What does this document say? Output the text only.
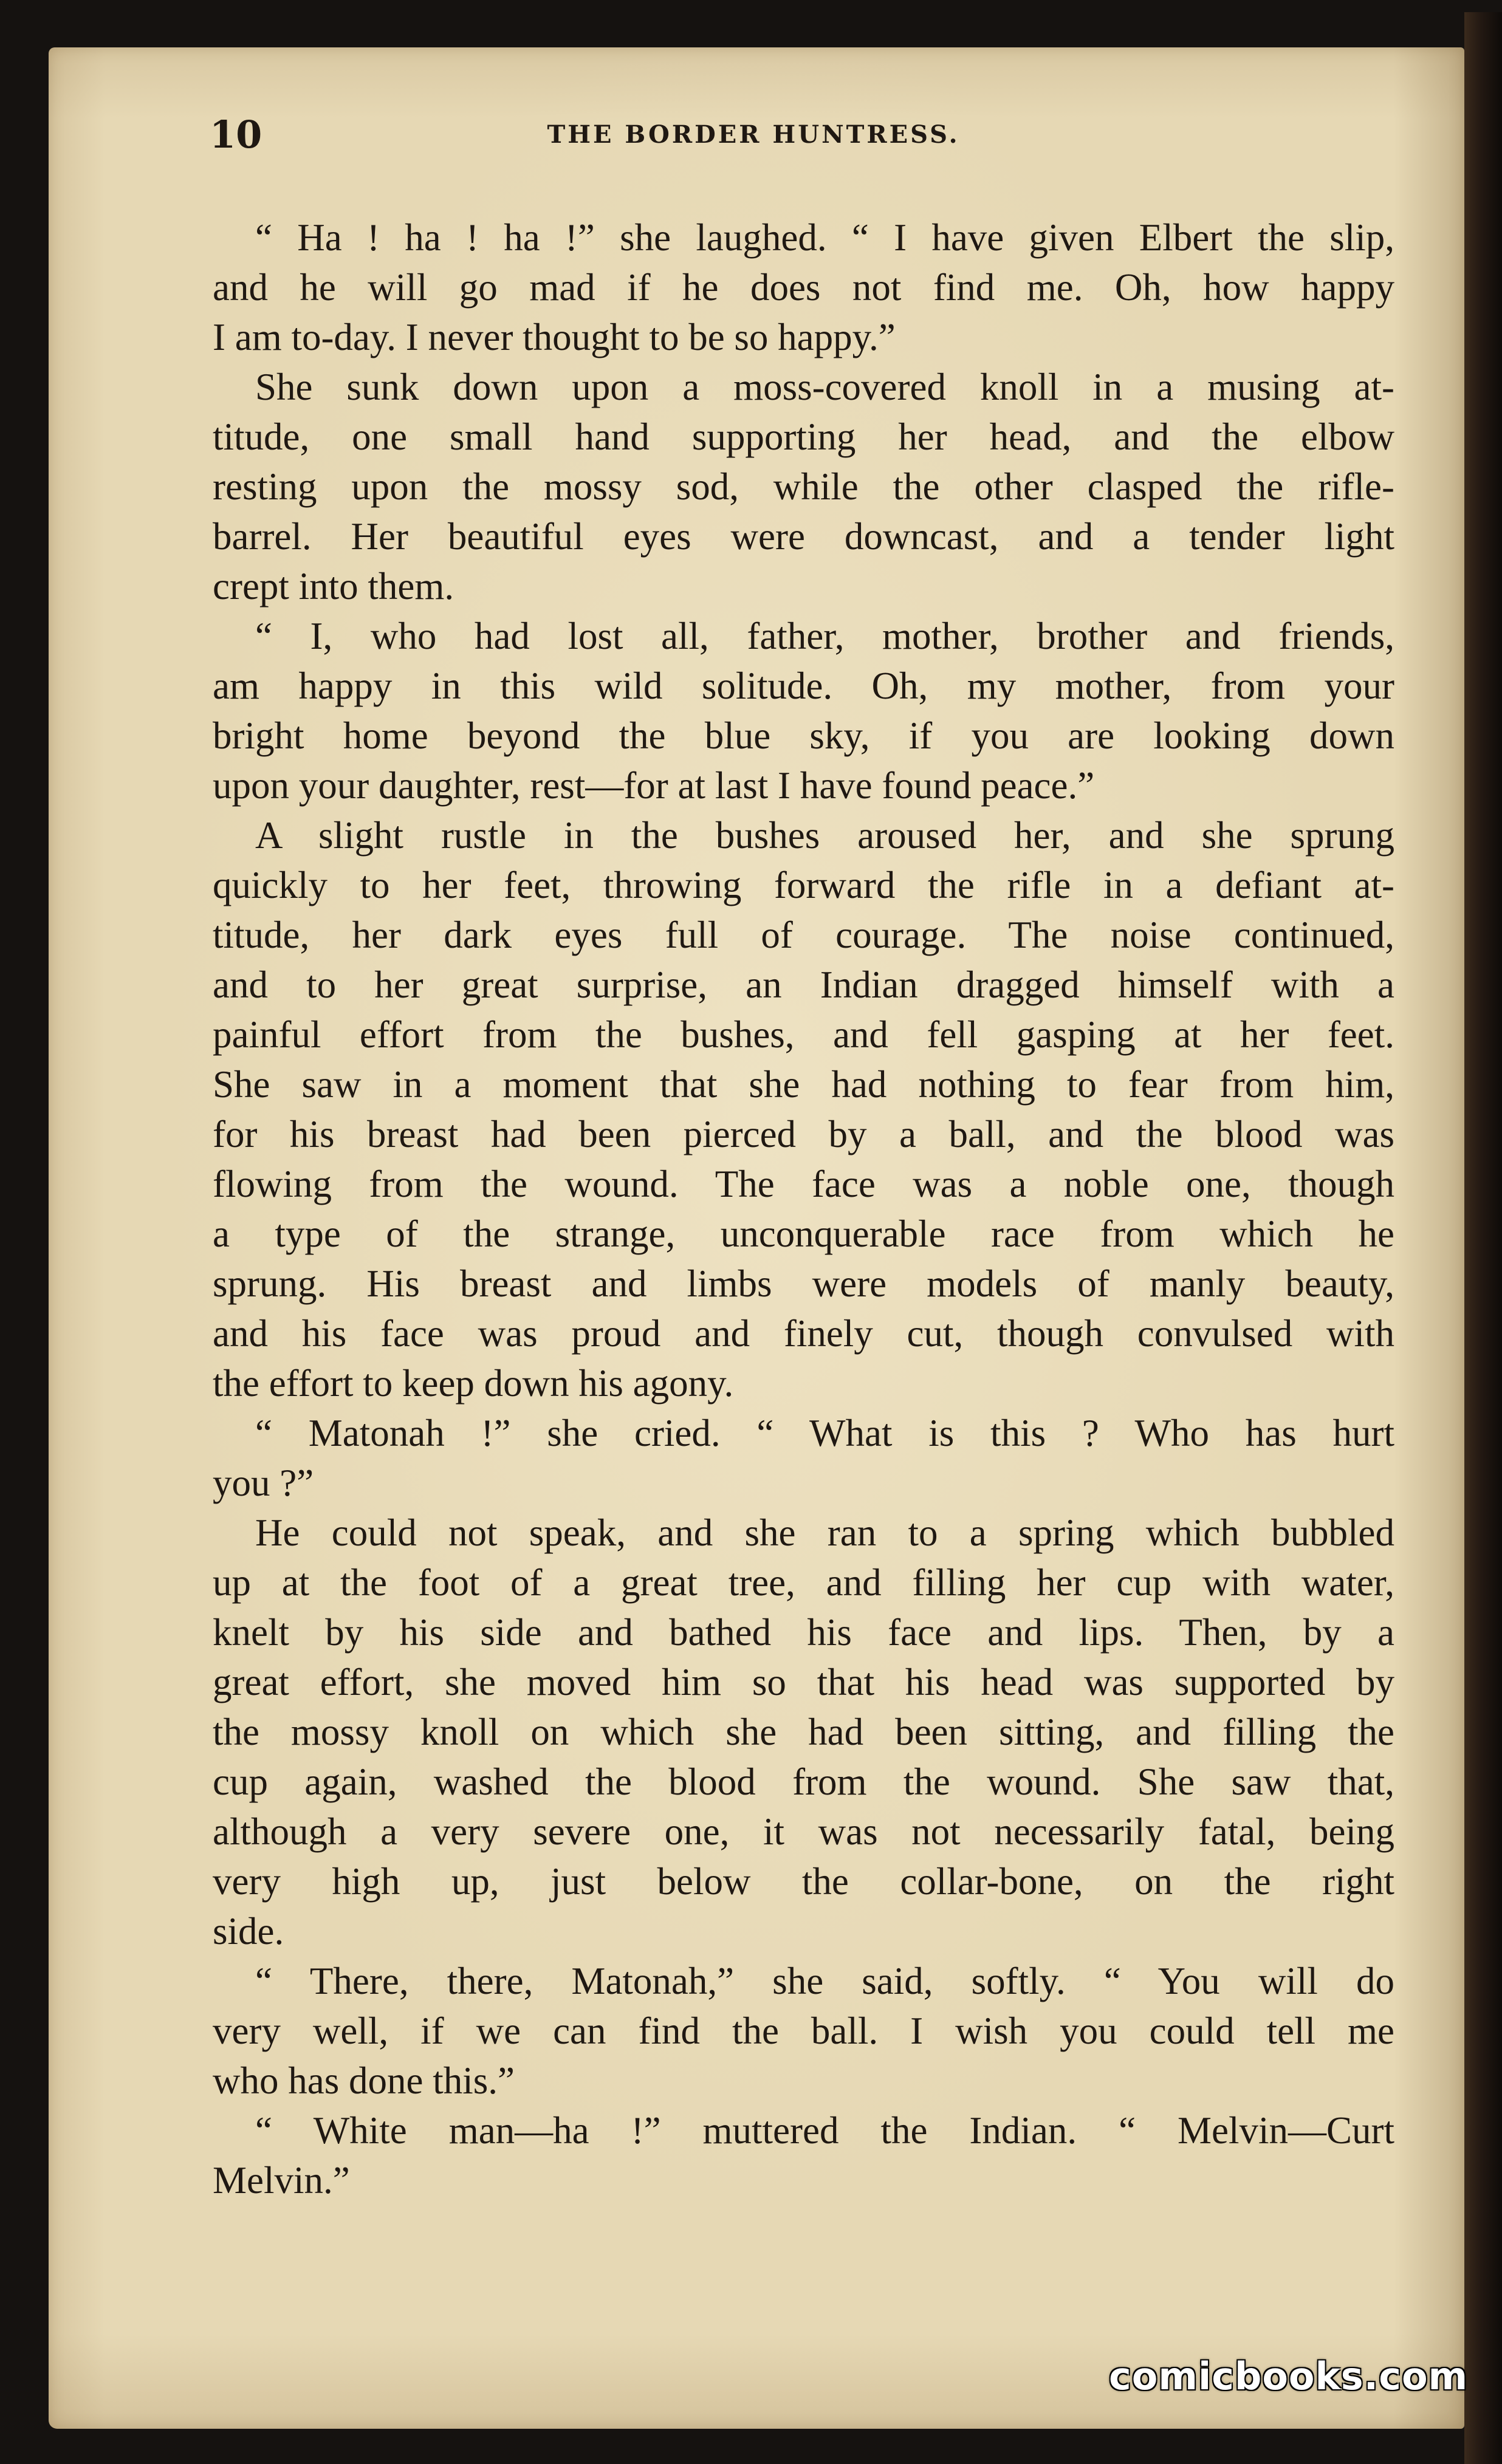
10	THE BORDER HUNTRESS.
“ Ha ! ha ! ha !” she laughed. “ I have given Elbert the slip,
and he will go mad if he does not find me. Oh, how happy
I am to-day. I never thought to be so happy.”
She sunk down upon a moss-covered knoll in a musing at-
titude, one small hand supporting her head, and the elbow
resting upon the mossy sod, while the other clasped the rifle-
barrel. Her beautiful eyes were downcast, and a tender light
crept into them.
“ I, who had lost all, father, mother, brother and friends,
am happy in this wild solitude. Oh, my mother, from your
bright home beyond the blue sky, if you are looking down
upon your daughter, rest—for at last I have found peace.”
A slight rustle in the bushes aroused her, and she sprung
quickly to her feet, throwing forward the rifle in a defiant at-
titude, her dark eyes full of courage. The noise continued,
and to her great surprise, an Indian dragged himself with a
painful effort from the bushes, and fell gasping at her feet.
She saw in a moment that she had nothing to fear from him,
for his breast had been pierced by a ball, and the blood was
flowing from the wound. The face was a noble one, though
a type of the strange, unconquerable race from which he
sprung. His breast and limbs were models of manly beauty,
and his face was proud and finely cut, though convulsed with
the effort to keep down his agony.
“ Matonah !” she cried. “ What is this ? Who has hurt
you ?”
He could not speak, and she ran to a spring which bubbled
up at the foot of a great tree, and filling her cup with water,
knelt by his side and bathed his face and lips. Then, by a
great effort, she moved him so that his head was supported by
the mossy knoll on which she had been sitting, and filling the
cup again, washed the blood from the wound. She saw that,
although a very severe one, it was not necessarily fatal, being
very high up, just below the collar-bone, on the right
side.
“ There, there, Matonah,” she said, softly. “ You will do
very well, if we can find the ball. I wish you could tell me
who has done this.”
“ White man—ha !” muttered the Indian. “ Melvin—Curt
Melvin.”
comicbooks.com
